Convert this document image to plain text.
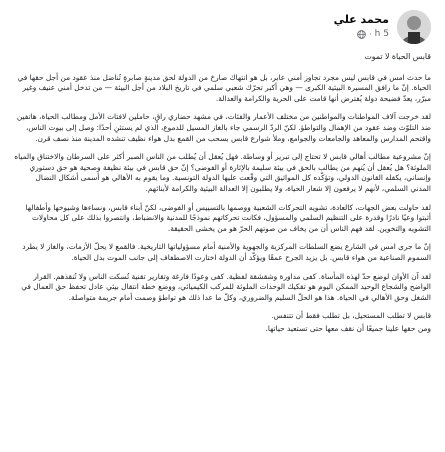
محمد علي
5 h
·

قابس الحياة لا تموت

ما حدث امس في قابس ليس مجرد تجاوز أمني عابر، بل هو انتهاك صارخ من الدولة لحق مدينةٍ صابرةٍ تُناضل منذ عقود من أجل حقها في الحياة. إنّ ما رافق المسيرة البيئية الكبرى — وهي أكبر تحرّك شعبي سلمي في تاريخ البلاد من أجل البيئة — من تدخل أمني عنيف وغير مبرّر، يعدّ فضيحة دولة يُفترض أنها قامت على الحرية والكرامة والعدالة.

لقد خرجت آلاف المواطنات والمواطنين من مختلف الأعمار والفئات، في مشهد حضاري راقٍ، حاملين لافتات الأمل ومطالب الحياة، هاتفين ضد التلوّث وضد عقود من الإهمال والتواطؤ. لكنّ الردّ الرسمي جاء بالغاز المسيل للدموع، الذي لم يستثنِ أحدًا: وصل إلى بيوت الناس، واقتحم المدارس والمعاهد والجامعات والجوامع، وملأ شوارع قابس بسحب من القمع بدل هواء نظيف تنشده المدينة منذ نصف قرن.

إنّ مشروعية مطالب أهالي قابس لا تحتاج إلى تبرير أو وساطة. فهل يُعقل أن يُطلب من الناس الصبر أكثر على السرطان والاختناق والمياه الملوثة؟ هل يُعقل أن يُتهم من يطالب بالحق في بيئة سليمة بالإثارة أو الفوضى؟ إنّ حق قابس في بيئة نظيفة وصحية هو حق دستوري وإنساني، يكفله القانون الدولي، وتؤكّده كل المواثيق التي وقّعت عليها الدولة التونسية. وما يقوم به الأهالي هو أسمى أشكال النضال المدني السلمي، لأنهم لا يرفعون إلا شعار الحياة، ولا يطلبون إلا العدالة البيئية والكرامة لأبنائهم.

لقد حاولت بعض الجهات، كالعادة، تشويه التحركات الشعبية ووصمها بالتسييس أو الفوضى، لكنّ أبناء قابس، ونساءها وشيوخها وأطفالها أثبتوا وعيًا نادرًا وقدرة على التنظيم السلمي والمسؤول، فكانت تحركاتهم نموذجًا للمدنية والانضباط، وانتصروا بذلك على كل محاولات التشويه والتخوين. لقد فهم الناس أن من يخاف من صوتهم الحرّ هو من يخشى الحقيقة.

إنّ ما جرى امس في الشارع يضع السلطات المركزية والجهوية والأمنية أمام مسؤولياتها التاريخية. فالقمع لا يحلّ الأزمات، والغاز لا يطرد السموم الصناعية من هواء قابس. بل يزيد الجرح عمقًا ويؤكّد أن الدولة اختارت الاصطفاف إلى جانب الموت بدل الحياة.

لقد آن الأوان لوضع حدّ لهذه المأساة. كفى مداورة وشقشقة لفظية. كفى وعودًا فارغة وتقارير تقنية تُسكت الناس ولا تُنقذهم. القرار الواضح والشجاع الوحيد الممكن اليوم هو تفكيك الوحدات الملوثة للمركب الكيميائي، ووضع خطة انتقال بيئي عادل تحفظ حق العمال في الشغل وحق الأهالي في الحياة. هذا هو الحلّ السليم والضروري، وكلّ ما عدا ذلك هو تواطؤ وصمت أمام جريمة متواصلة.

قابس لا تطلب المستحيل، بل تطلب فقط أن تتنفس.

ومن حقها علينا جميعًا أن نقف معها حتى تستعيد حياتها.
